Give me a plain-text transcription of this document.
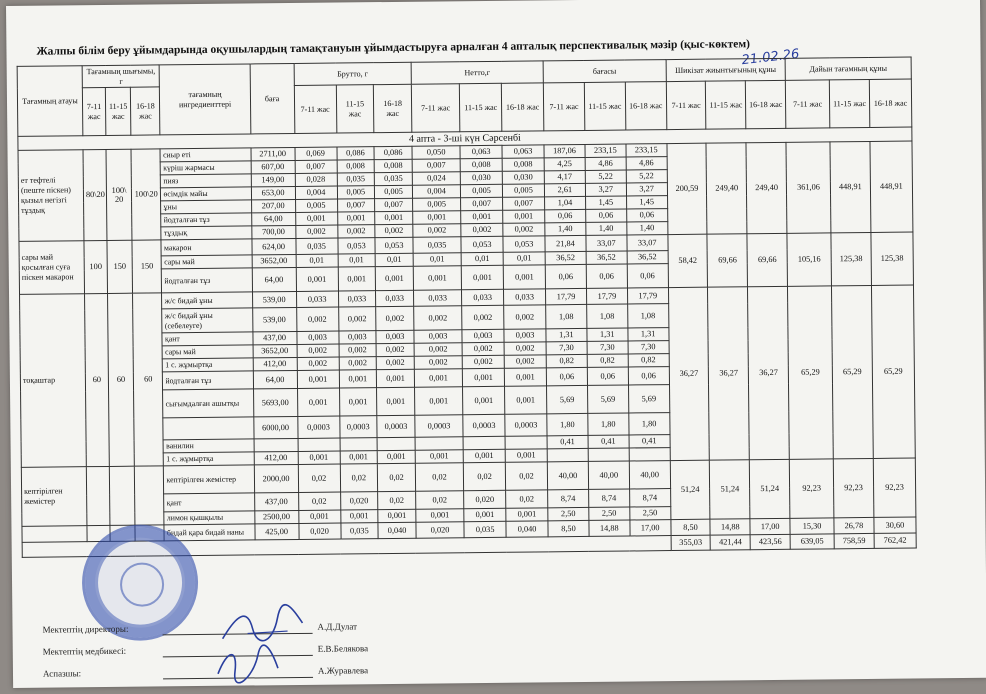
Жалпы білім беру ұйымдарында оқушылардың тамақтануын ұйымдастыруға арналған 4 апталық перспективалық мәзір (қыс-көктем)
21.02.26
Тағамның атауы	Тағамның шығымы, г			тағамның ингредиенттері	баға	Брутто, г			Нетто,г			бағасы			Шикізат жиынтығының құны			Дайын тағамның құны		
	7-11 жас	11-15 жас	16-18 жас			7-11 жас	11-15 жас	16-18 жас	7-11 жас	11-15 жас	16-18 жас	7-11 жас	11-15 жас	16-18 жас	7-11 жас	11-15 жас	16-18 жас	7-11 жас	11-15 жас	16-18 жас
4 апта - 3-ші күн Сәрсенбі																				
ет тефтелі (пеште піскен) қызыл негізгі тұздық	80\20	100\ 20	100\20	сиыр еті	2711,00	0,069	0,086	0,086	0,050	0,063	0,063	187,06	233,15	233,15	200,59	249,40	249,40	361,06	448,91	448,91
				күріш жармасы	607,00	0,007	0,008	0,008	0,007	0,008	0,008	4,25	4,86	4,86						
				пияз	149,00	0,028	0,035	0,035	0,024	0,030	0,030	4,17	5,22	5,22						
				өсімдік майы	653,00	0,004	0,005	0,005	0,004	0,005	0,005	2,61	3,27	3,27						
				ұны	207,00	0,005	0,007	0,007	0,005	0,007	0,007	1,04	1,45	1,45						
				йодталған тұз	64,00	0,001	0,001	0,001	0,001	0,001	0,001	0,06	0,06	0,06						
				тұздық	700,00	0,002	0,002	0,002	0,002	0,002	0,002	1,40	1,40	1,40						
сары май қосылған суға піскен макарон	100	150	150	макарон	624,00	0,035	0,053	0,053	0,035	0,053	0,053	21,84	33,07	33,07	58,42	69,66	69,66	105,16	125,38	125,38
				сары май	3652,00	0,01	0,01	0,01	0,01	0,01	0,01	36,52	36,52	36,52						
				йодталған тұз	64,00	0,001	0,001	0,001	0,001	0,001	0,001	0,06	0,06	0,06						
тоқаштар	60	60	60	ж/с бидай ұны	539,00	0,033	0,033	0,033	0,033	0,033	0,033	17,79	17,79	17,79	36,27	36,27	36,27	65,29	65,29	65,29
				ж/с бидай ұны (себелеуге)	539,00	0,002	0,002	0,002	0,002	0,002	0,002	1,08	1,08	1,08						
				қант	437,00	0,003	0,003	0,003	0,003	0,003	0,003	1,31	1,31	1,31						
				сары май	3652,00	0,002	0,002	0,002	0,002	0,002	0,002	7,30	7,30	7,30						
				1 с. жұмыртқа	412,00	0,002	0,002	0,002	0,002	0,002	0,002	0,82	0,82	0,82						
				йодталған тұз	64,00	0,001	0,001	0,001	0,001	0,001	0,001	0,06	0,06	0,06						
				сығымдалған ашытқы	5693,00	0,001	0,001	0,001	0,001	0,001	0,001	5,69	5,69	5,69						
					6000,00	0,0003	0,0003	0,0003	0,0003	0,0003	0,0003	1,80	1,80	1,80						
				ванилин								0,41	0,41	0,41						
				1 с. жұмыртқа	412,00	0,001	0,001	0,001	0,001	0,001	0,001									
кептірілген жемістер				кептірілген жемістер	2000,00	0,02	0,02	0,02	0,02	0,02	0,02	40,00	40,00	40,00	51,24	51,24	51,24	92,23	92,23	92,23
				қант	437,00	0,02	0,020	0,02	0,02	0,020	0,02	8,74	8,74	8,74						
				лимон қышқылы	2500,00	0,001	0,001	0,001	0,001	0,001	0,001	2,50	2,50	2,50						
				бидай қара бидай наны	425,00	0,020	0,035	0,040	0,020	0,035	0,040	8,50	14,88	17,00	8,50	14,88	17,00	15,30	26,78	30,60
															355,03	421,44	423,56	639,05	758,59	762,42
Мектептің директоры:	А.Д.Дулат
Мектептің медбикесі:	Е.В.Белякова
Аспазшы:	А.Журавлева
